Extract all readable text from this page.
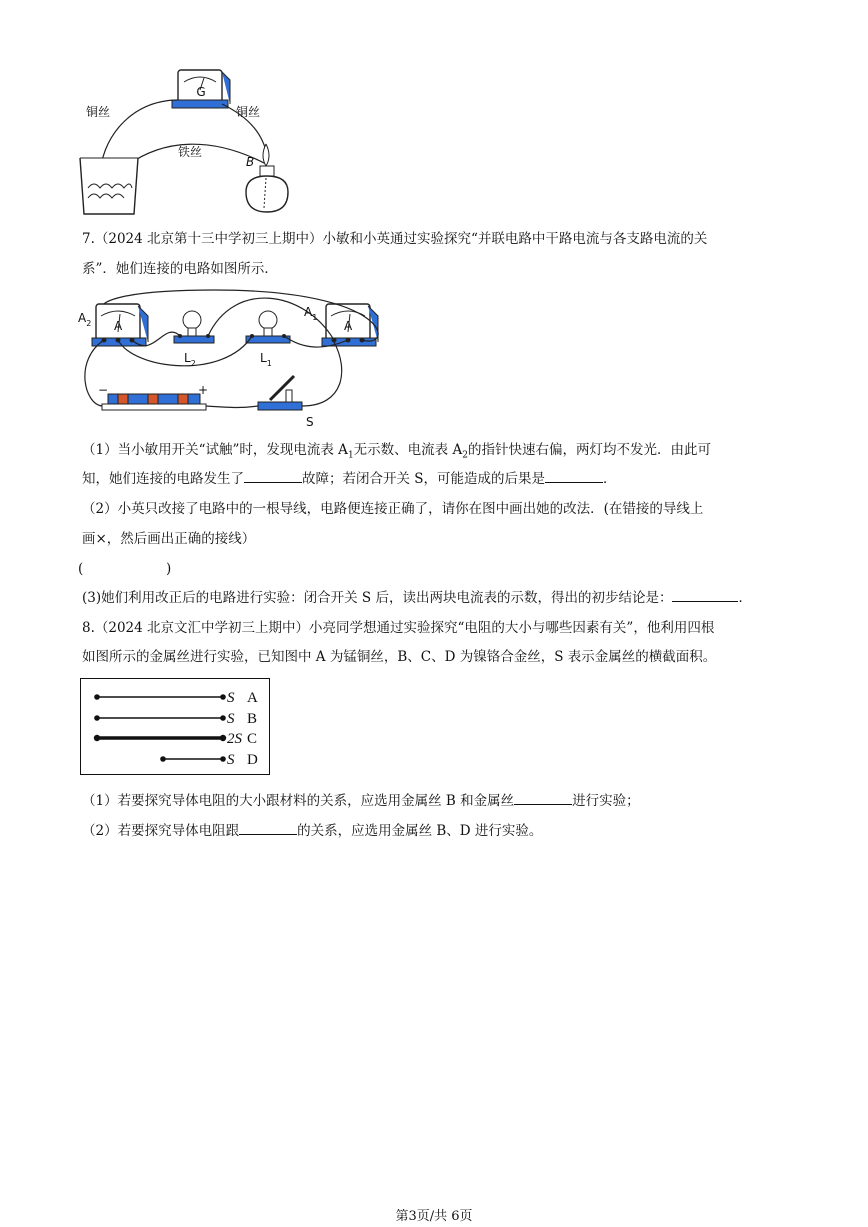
G
铜丝	铜丝
铁丝
B
7.（2024 北京第十三中学初三上期中）小敏和小英通过实验探究“并联电路中干路电流与各支路电流的关
系”．她们连接的电路如图所示．
A	A
$A_2$
$A_1$
$L_2$	$L_1$
−	+
S
（1）当小敏用开关“试触”时，发现电流表 $A_1$无示数、电流表 $A_2$的指针快速右偏，两灯均不发光．由此可
知，她们连接的电路发生了	故障；若闭合开关 S，可能造成的后果是	．
（2）小英只改接了电路中的一根导线，电路便连接正确了，请你在图中画出她的改法．(在错接的导线上
画×，然后画出正确的接线）
(	)
(3)她们利用改正后的电路进行实验：闭合开关 S 后，读出两块电流表的示数，得出的初步结论是：	．
8.（2024 北京文汇中学初三上期中）小亮同学想通过实验探究“电阻的大小与哪些因素有关”，他利用四根
如图所示的金属丝进行实验，已知图中 A 为锰铜丝，B、C、D 为镍铬合金丝，S 表示金属丝的横截面积。
S A
S B
2S C
S D
（1）若要探究导体电阻的大小跟材料的关系，应选用金属丝 B 和金属丝	进行实验；
（2）若要探究导体电阻跟	的关系，应选用金属丝 B、D 进行实验。
第3页/共 6页
